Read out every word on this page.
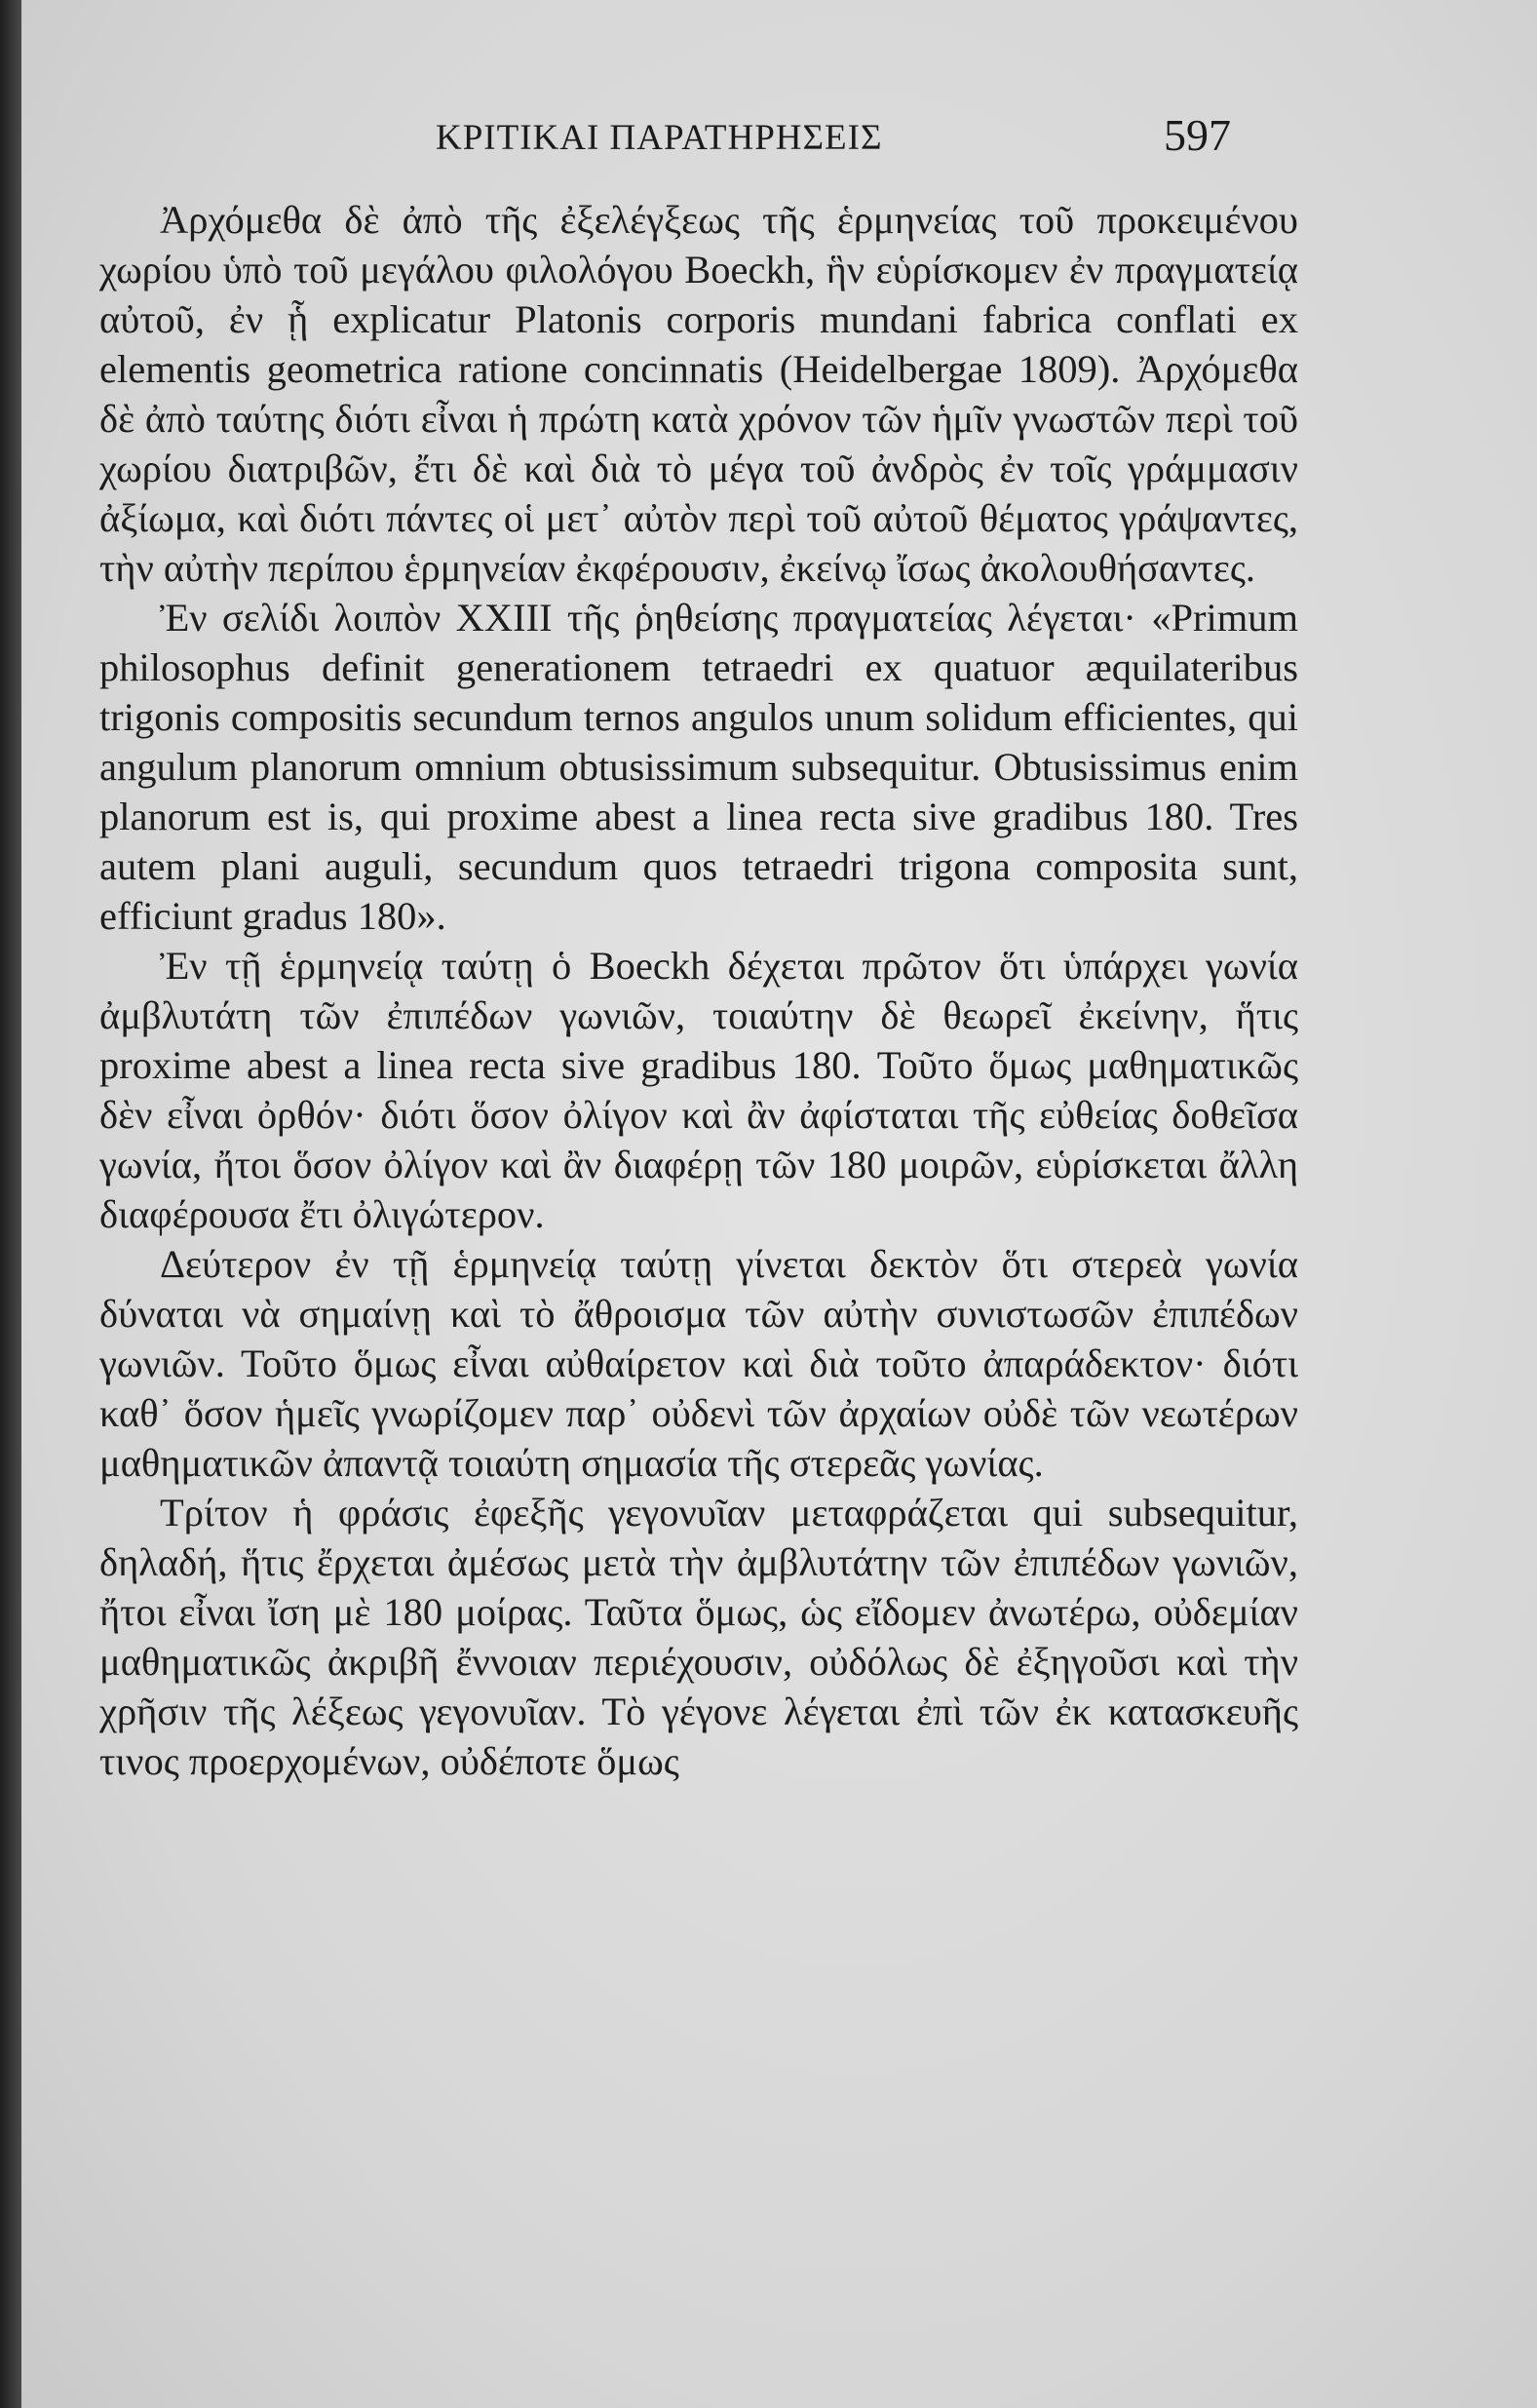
ΚΡΙΤΙΚΑΙ ΠΑΡΑΤΗΡΗΣΕΙΣ	597

Ἀρχόμεθα δὲ ἀπὸ τῆς ἐξελέγξεως τῆς ἑρμηνείας τοῦ προκειμένου χωρίου ὑπὸ τοῦ μεγάλου φιλολόγου Boeckh, ἣν εὑρίσκομεν ἐν πραγματείᾳ αὐτοῦ, ἐν ᾗ explicatur Platonis corporis mundani fabrica conflati ex elementis geometrica ratione concinnatis (Heidelbergae 1809). Ἀρχόμεθα δὲ ἀπὸ ταύτης διότι εἶναι ἡ πρώτη κατὰ χρόνον τῶν ἡμῖν γνωστῶν περὶ τοῦ χωρίου διατριβῶν, ἔτι δὲ καὶ διὰ τὸ μέγα τοῦ ἀνδρὸς ἐν τοῖς γράμμασιν ἀξίωμα, καὶ διότι πάντες οἱ μετ᾽ αὐτὸν περὶ τοῦ αὐτοῦ θέματος γράψαντες, τὴν αὐτὴν περίπου ἑρμηνείαν ἐκφέρουσιν, ἐκείνῳ ἴσως ἀκολουθήσαντες.

Ἐν σελίδι λοιπὸν XXIII τῆς ῥηθείσης πραγματείας λέγεται· «Primum philosophus definit generationem tetraedri ex quatuor æquilateribus trigonis compositis secundum ternos angulos unum solidum efficientes, qui angulum planorum omnium obtusissimum subsequitur. Obtusissimus enim planorum est is, qui proxime abest a linea recta sive gradibus 180. Tres autem plani auguli, secundum quos tetraedri trigona composita sunt, efficiunt gradus 180».

Ἐν τῇ ἑρμηνείᾳ ταύτῃ ὁ Boeckh δέχεται πρῶτον ὅτι ὑπάρχει γωνία ἀμβλυτάτη τῶν ἐπιπέδων γωνιῶν, τοιαύτην δὲ θεωρεῖ ἐκείνην, ἥτις proxime abest a linea recta sive gradibus 180. Τοῦτο ὅμως μαθηματικῶς δὲν εἶναι ὀρθόν· διότι ὅσον ὀλίγον καὶ ἂν ἀφίσταται τῆς εὐθείας δοθεῖσα γωνία, ἤτοι ὅσον ὀλίγον καὶ ἂν διαφέρῃ τῶν 180 μοιρῶν, εὑρίσκεται ἄλλη διαφέρουσα ἔτι ὀλιγώτερον.

Δεύτερον ἐν τῇ ἑρμηνείᾳ ταύτῃ γίνεται δεκτὸν ὅτι στερεὰ γωνία δύναται νὰ σημαίνῃ καὶ τὸ ἄθροισμα τῶν αὐτὴν συνιστωσῶν ἐπιπέδων γωνιῶν. Τοῦτο ὅμως εἶναι αὐθαίρετον καὶ διὰ τοῦτο ἀπαράδεκτον· διότι καθ᾽ ὅσον ἡμεῖς γνωρίζομεν παρ᾽ οὐδενὶ τῶν ἀρχαίων οὐδὲ τῶν νεωτέρων μαθηματικῶν ἀπαντᾷ τοιαύτη σημασία τῆς στερεᾶς γωνίας.

Τρίτον ἡ φράσις ἐφεξῆς γεγονυῖαν μεταφράζεται qui subsequitur, δηλαδή, ἥτις ἔρχεται ἀμέσως μετὰ τὴν ἀμβλυτάτην τῶν ἐπιπέδων γωνιῶν, ἤτοι εἶναι ἴση μὲ 180 μοίρας. Ταῦτα ὅμως, ὡς εἴδομεν ἀνωτέρω, οὐδεμίαν μαθηματικῶς ἀκριβῆ ἔννοιαν περιέχουσιν, οὐδόλως δὲ ἐξηγοῦσι καὶ τὴν χρῆσιν τῆς λέξεως γεγονυῖαν. Τὸ γέγονε λέγεται ἐπὶ τῶν ἐκ κατασκευῆς τινος προερχομένων, οὐδέποτε ὅμως
